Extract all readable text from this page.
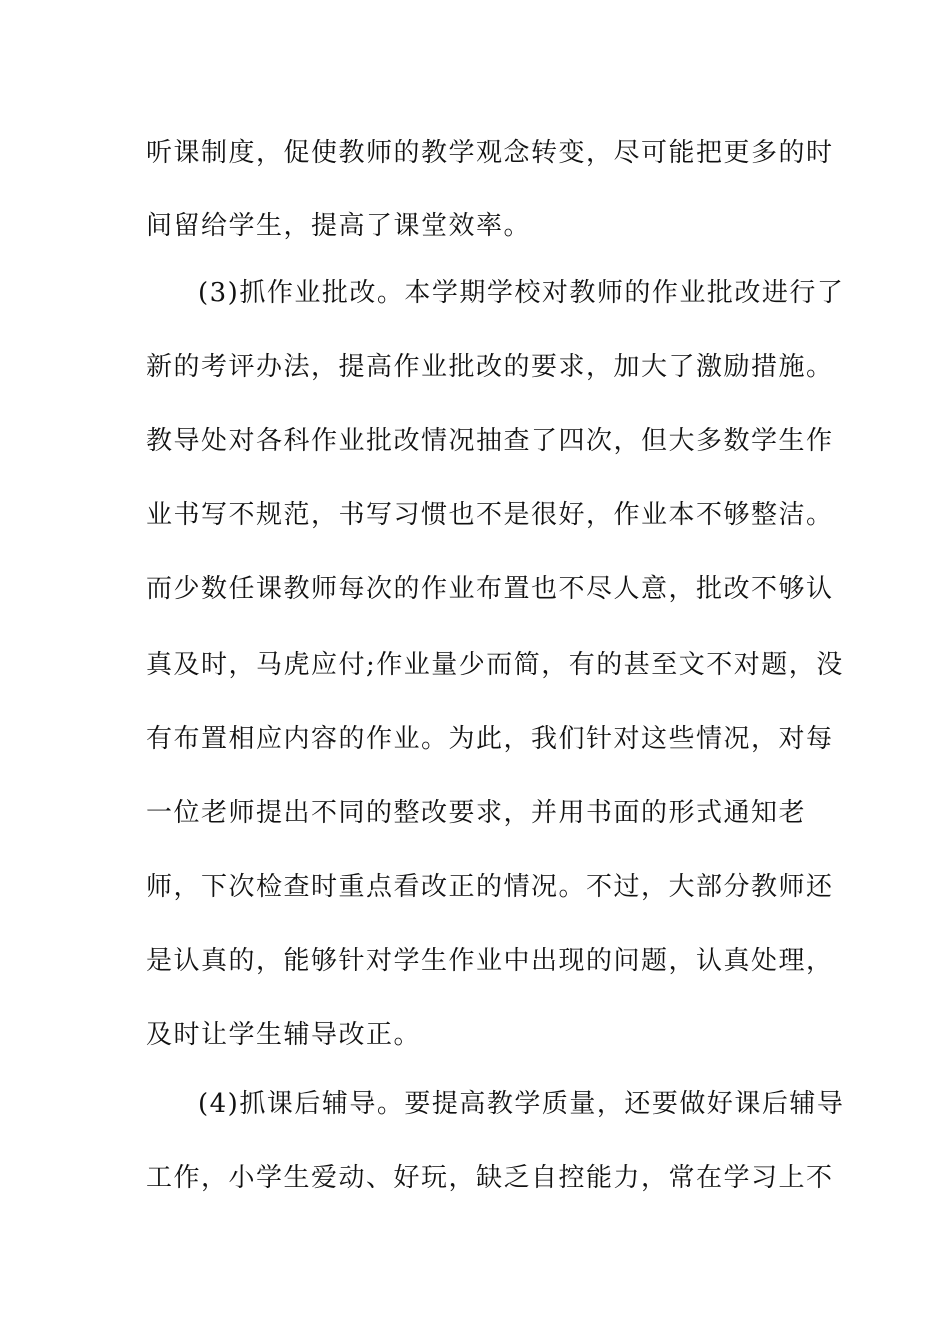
听课制度，促使教师的教学观念转变，尽可能把更多的时
间留给学生，提高了课堂效率。
(3)抓作业批改。本学期学校对教师的作业批改进行了
新的考评办法，提高作业批改的要求，加大了激励措施。
教导处对各科作业批改情况抽查了四次，但大多数学生作
业书写不规范，书写习惯也不是很好，作业本不够整洁。
而少数任课教师每次的作业布置也不尽人意，批改不够认
真及时，马虎应付;作业量少而简，有的甚至文不对题，没
有布置相应内容的作业。为此，我们针对这些情况，对每
一位老师提出不同的整改要求，并用书面的形式通知老
师，下次检查时重点看改正的情况。不过，大部分教师还
是认真的，能够针对学生作业中出现的问题，认真处理，
及时让学生辅导改正。
(4)抓课后辅导。要提高教学质量，还要做好课后辅导
工作，小学生爱动、好玩，缺乏自控能力，常在学习上不
